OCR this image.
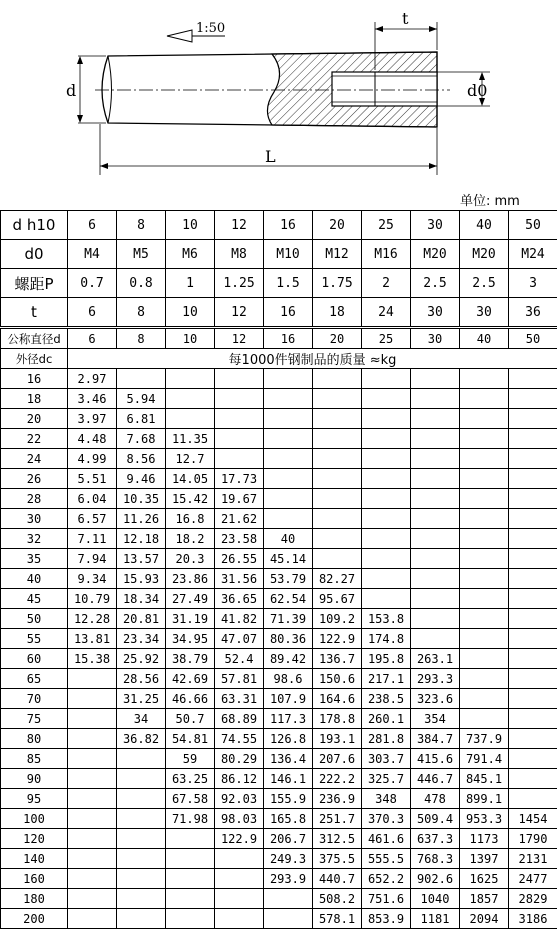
1:50
d
t
d0
L
单位: mm
d h10	6	8	10	12	16	20	25	30	40	50
d0	M4	M5	M6	M8	M10	M12	M16	M20	M20	M24
螺距P	0.7	0.8	1	1.25	1.5	1.75	2	2.5	2.5	3
t	6	8	10	12	16	18	24	30	30	36
公称直径d	6	8	10	12	16	20	25	30	40	50
外径dc	每1000件钢制品的质量 ≈kg									
16	2.97									
18	3.46	5.94								
20	3.97	6.81								
22	4.48	7.68	11.35							
24	4.99	8.56	12.7							
26	5.51	9.46	14.05	17.73						
28	6.04	10.35	15.42	19.67						
30	6.57	11.26	16.8	21.62						
32	7.11	12.18	18.2	23.58	40					
35	7.94	13.57	20.3	26.55	45.14					
40	9.34	15.93	23.86	31.56	53.79	82.27				
45	10.79	18.34	27.49	36.65	62.54	95.67				
50	12.28	20.81	31.19	41.82	71.39	109.2	153.8			
55	13.81	23.34	34.95	47.07	80.36	122.9	174.8			
60	15.38	25.92	38.79	52.4	89.42	136.7	195.8	263.1		
65		28.56	42.69	57.81	98.6	150.6	217.1	293.3		
70		31.25	46.66	63.31	107.9	164.6	238.5	323.6		
75		34	50.7	68.89	117.3	178.8	260.1	354		
80		36.82	54.81	74.55	126.8	193.1	281.8	384.7	737.9	
85			59	80.29	136.4	207.6	303.7	415.6	791.4	
90			63.25	86.12	146.1	222.2	325.7	446.7	845.1	
95			67.58	92.03	155.9	236.9	348	478	899.1	
100			71.98	98.03	165.8	251.7	370.3	509.4	953.3	1454
120				122.9	206.7	312.5	461.6	637.3	1173	1790
140					249.3	375.5	555.5	768.3	1397	2131
160					293.9	440.7	652.2	902.6	1625	2477
180						508.2	751.6	1040	1857	2829
200						578.1	853.9	1181	2094	3186
